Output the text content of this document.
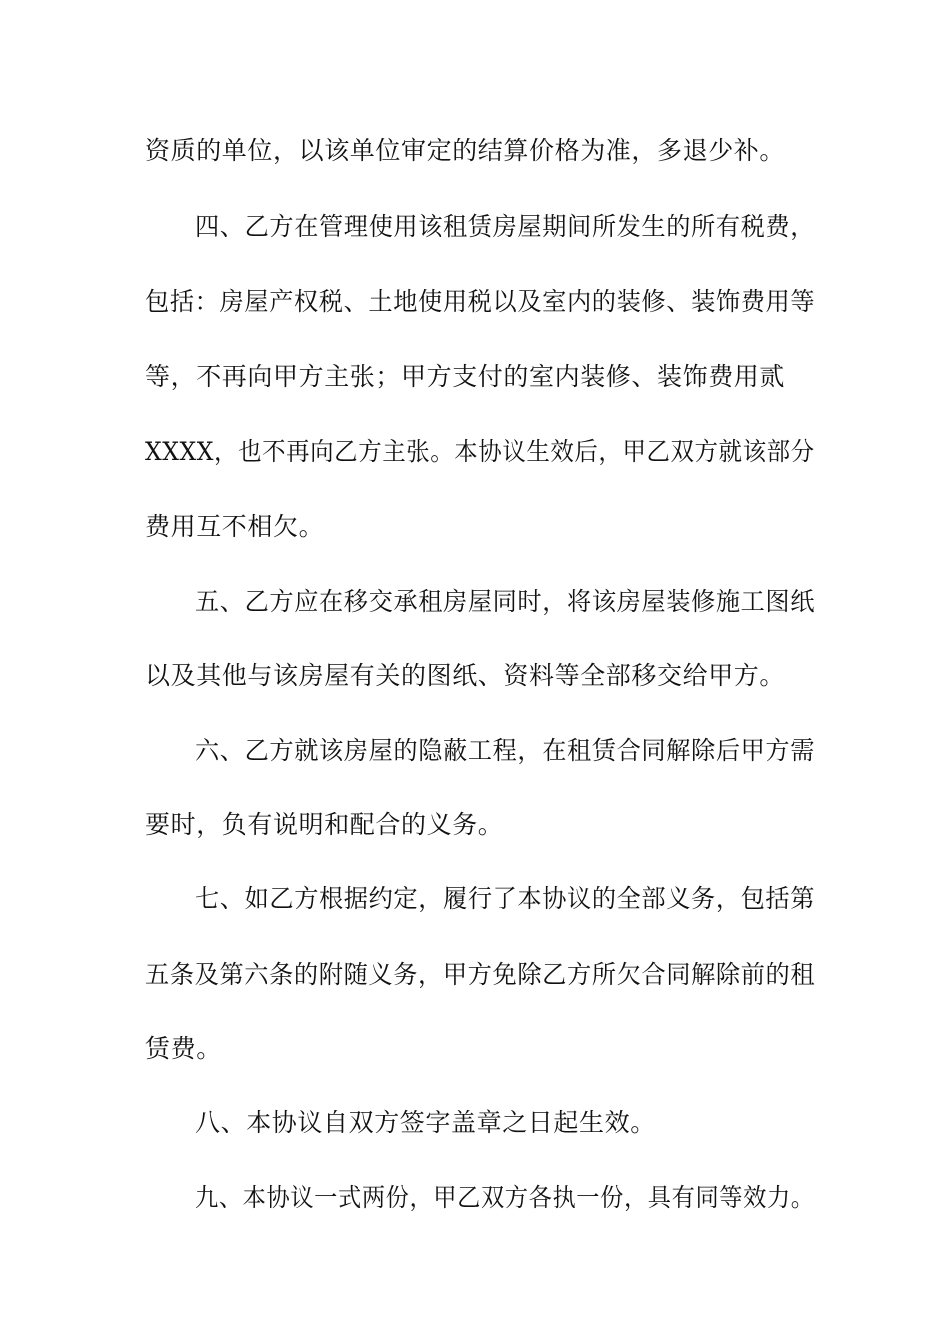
资质的单位，以该单位审定的结算价格为准，多退少补。
四、乙方在管理使用该租赁房屋期间所发生的所有税费，
包括：房屋产权税、土地使用税以及室内的装修、装饰费用等
等，不再向甲方主张；甲方支付的室内装修、装饰费用贰
XXXX，也不再向乙方主张。本协议生效后，甲乙双方就该部分
费用互不相欠。
五、乙方应在移交承租房屋同时，将该房屋装修施工图纸
以及其他与该房屋有关的图纸、资料等全部移交给甲方。
六、乙方就该房屋的隐蔽工程，在租赁合同解除后甲方需
要时，负有说明和配合的义务。
七、如乙方根据约定，履行了本协议的全部义务，包括第
五条及第六条的附随义务，甲方免除乙方所欠合同解除前的租
赁费。
八、本协议自双方签字盖章之日起生效。
九、本协议一式两份，甲乙双方各执一份，具有同等效力。
